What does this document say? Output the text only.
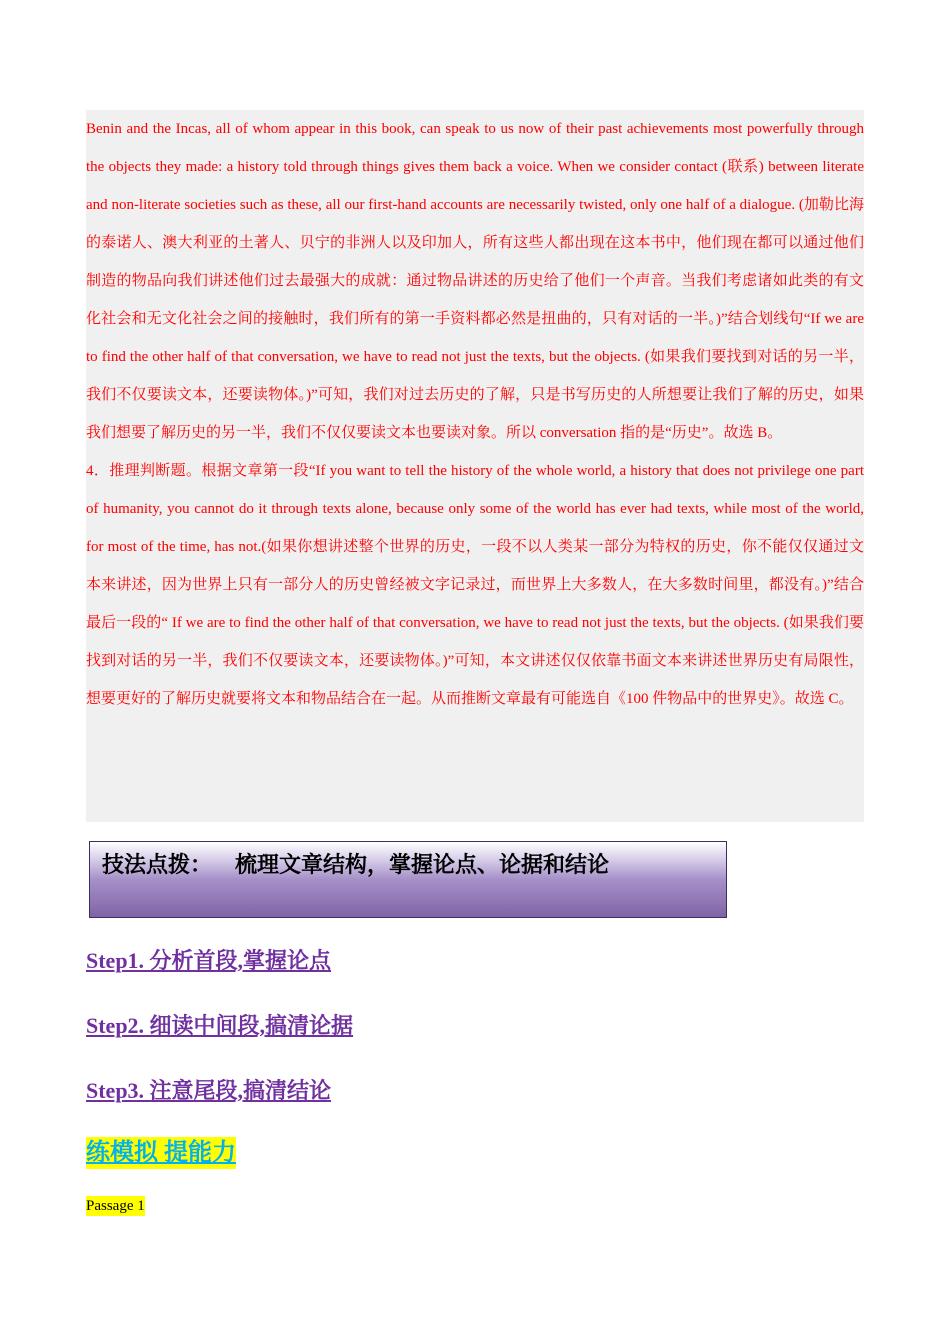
Benin and the Incas, all of whom appear in this book, can speak to us now of their past achievements most powerfully through the objects they made: a history told through things gives them back a voice. When we consider contact (联系) between literate and non-literate societies such as these, all our first-hand accounts are necessarily twisted, only one half of a dialogue. (加勒比海的泰诺人、澳大利亚的土著人、贝宁的非洲人以及印加人，所有这些人都出现在这本书中，他们现在都可以通过他们制造的物品向我们讲述他们过去最强大的成就：通过物品讲述的历史给了他们一个声音。当我们考虑诸如此类的有文化社会和无文化社会之间的接触时，我们所有的第一手资料都必然是扭曲的，只有对话的一半。)”结合划线句“If we are to find the other half of that conversation, we have to read not just the texts, but the objects. (如果我们要找到对话的另一半，我们不仅要读文本，还要读物体。)”可知，我们对过去历史的了解，只是书写历史的人所想要让我们了解的历史，如果我们想要了解历史的另一半，我们不仅仅要读文本也要读对象。所以 conversation 指的是“历史”。故选 B。

4．推理判断题。根据文章第一段“If you want to tell the history of the whole world, a history that does not privilege one part of humanity, you cannot do it through texts alone, because only some of the world has ever had texts, while most of the world, for most of the time, has not.(如果你想讲述整个世界的历史，一段不以人类某一部分为特权的历史，你不能仅仅通过文本来讲述，因为世界上只有一部分人的历史曾经被文字记录过，而世界上大多数人，在大多数时间里，都没有。)”结合最后一段的“ If we are to find the other half of that conversation, we have to read not just the texts, but the objects. (如果我们要找到对话的另一半，我们不仅要读文本，还要读物体。)”可知，本文讲述仅仅依靠书面文本来讲述世界历史有局限性，想要更好的了解历史就要将文本和物品结合在一起。从而推断文章最有可能选自《100 件物品中的世界史》。故选 C。

技法点拨： 梳理文章结构，掌握论点、论据和结论
Step1. 分析首段,掌握论点
Step2. 细读中间段,搞清论据
Step3. 注意尾段,搞清结论
练模拟 提能力
Passage 1
